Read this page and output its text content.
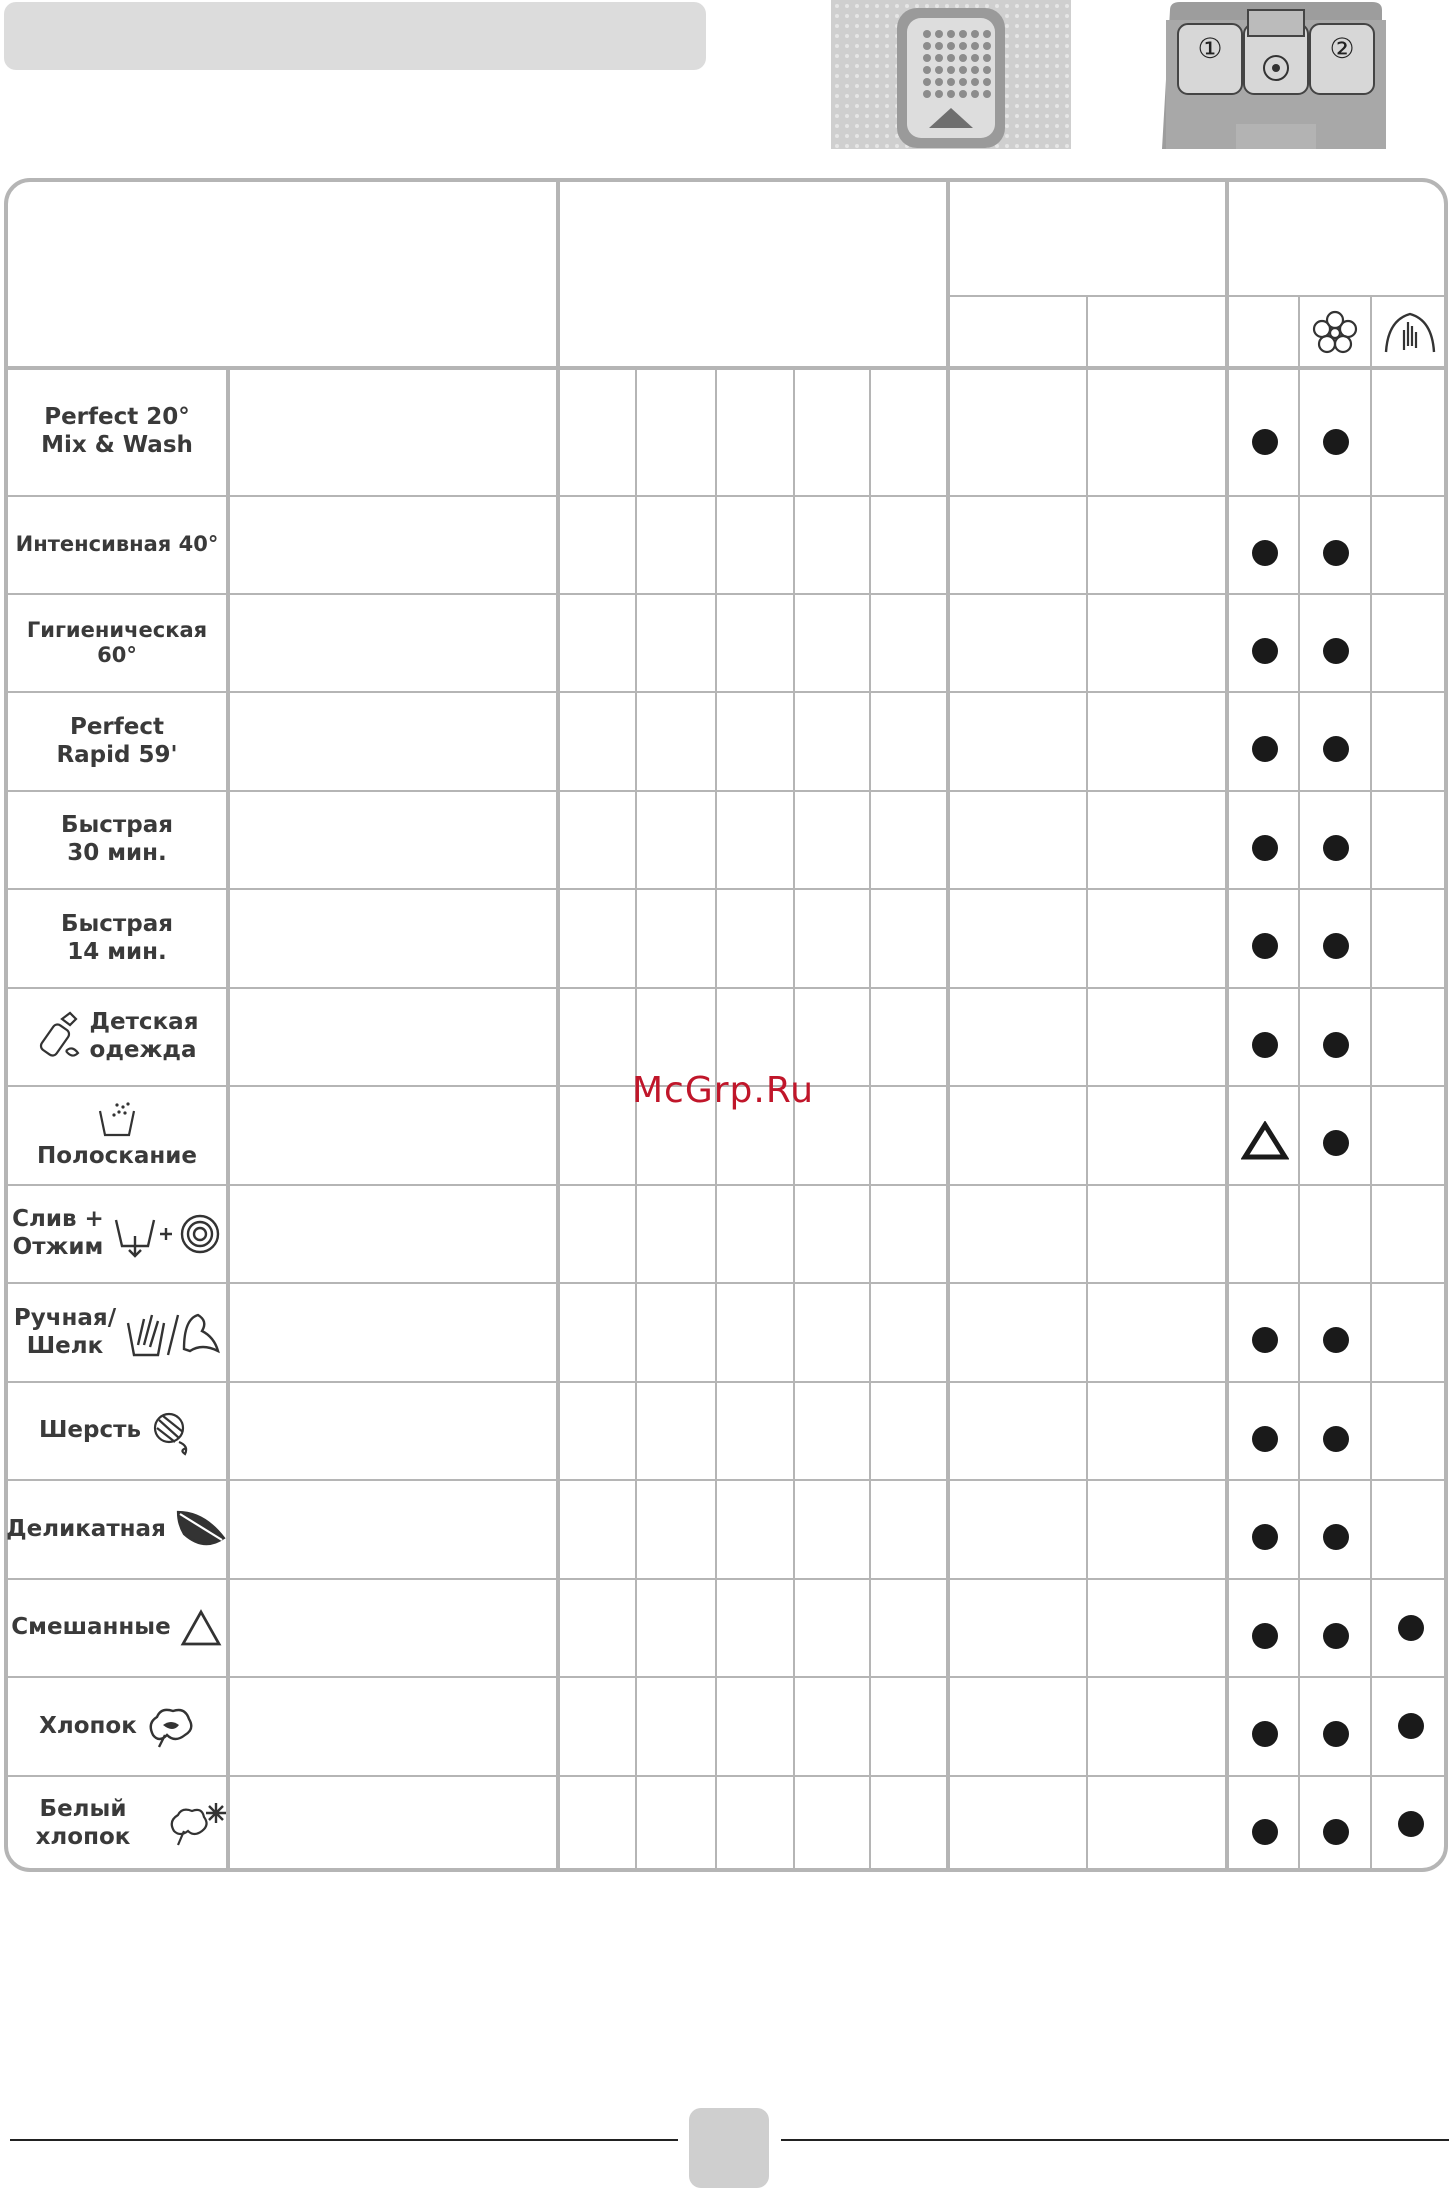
①	②
Perfect 20°
Mix & Wash
Интенсивная 40°
Гигиеническая 60°
Perfect
Rapid 59'
Быстрая
30 мин.
Быстрая
14 мин.
Детская
одежда
Полоскание
Слив +
Отжим
Ручная/
Шелк
Шерсть
Деликатная
Смешанные
Хлопок
Белый хлопок
McGrp.Ru
